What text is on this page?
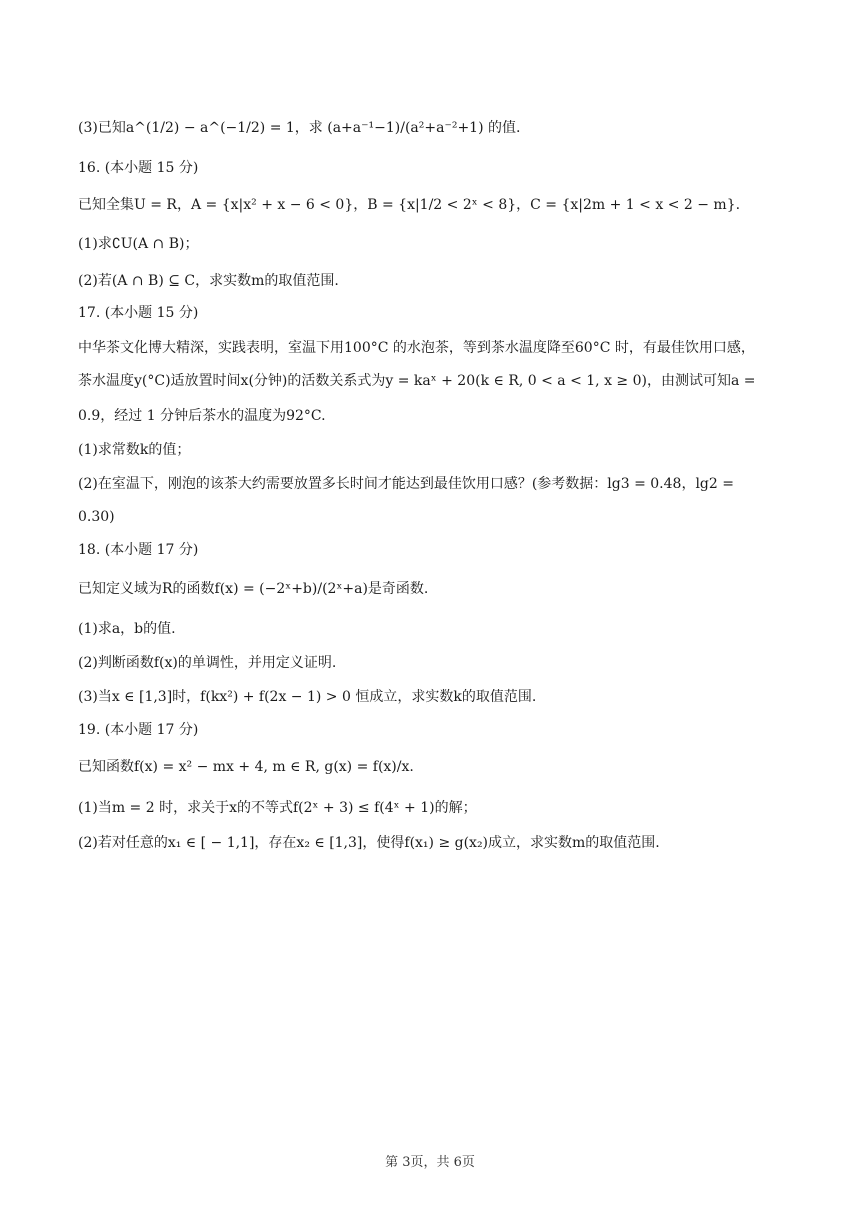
(3)已知a^(1/2) − a^(−1/2) = 1，求 (a+a⁻¹−1)/(a²+a⁻²+1) 的值.
16. (本小题 15 分)
已知全集U = R，A = {x|x² + x − 6 < 0}，B = {x|1/2 < 2ˣ < 8}，C = {x|2m + 1 < x < 2 − m}.
(1)求∁U(A ∩ B)；
(2)若(A ∩ B) ⊆ C，求实数m的取值范围.
17. (本小题 15 分)
中华茶文化博大精深，实践表明，室温下用100°C 的水泡茶，等到茶水温度降至60°C 时，有最佳饮用口感，
茶水温度y(°C)适放置时间x(分钟)的活数关系式为y = kaˣ + 20(k ∈ R, 0 < a < 1, x ≥ 0)，由测试可知a =
0.9，经过 1 分钟后茶水的温度为92°C.
(1)求常数k的值；
(2)在室温下，刚泡的该茶大约需要放置多长时间才能达到最佳饮用口感？(参考数据：lg3 = 0.48，lg2 =
0.30)
18. (本小题 17 分)
已知定义域为R的函数f(x) = (−2ˣ+b)/(2ˣ+a)是奇函数.
(1)求a，b的值.
(2)判断函数f(x)的单调性，并用定义证明.
(3)当x ∈ [1,3]时，f(kx²) + f(2x − 1) > 0 恒成立，求实数k的取值范围.
19. (本小题 17 分)
已知函数f(x) = x² − mx + 4, m ∈ R, g(x) = f(x)/x.
(1)当m = 2 时，求关于x的不等式f(2ˣ + 3) ≤ f(4ˣ + 1)的解；
(2)若对任意的x₁ ∈ [ − 1,1]，存在x₂ ∈ [1,3]，使得f(x₁) ≥ g(x₂)成立，求实数m的取值范围.
第 3页，共 6页
